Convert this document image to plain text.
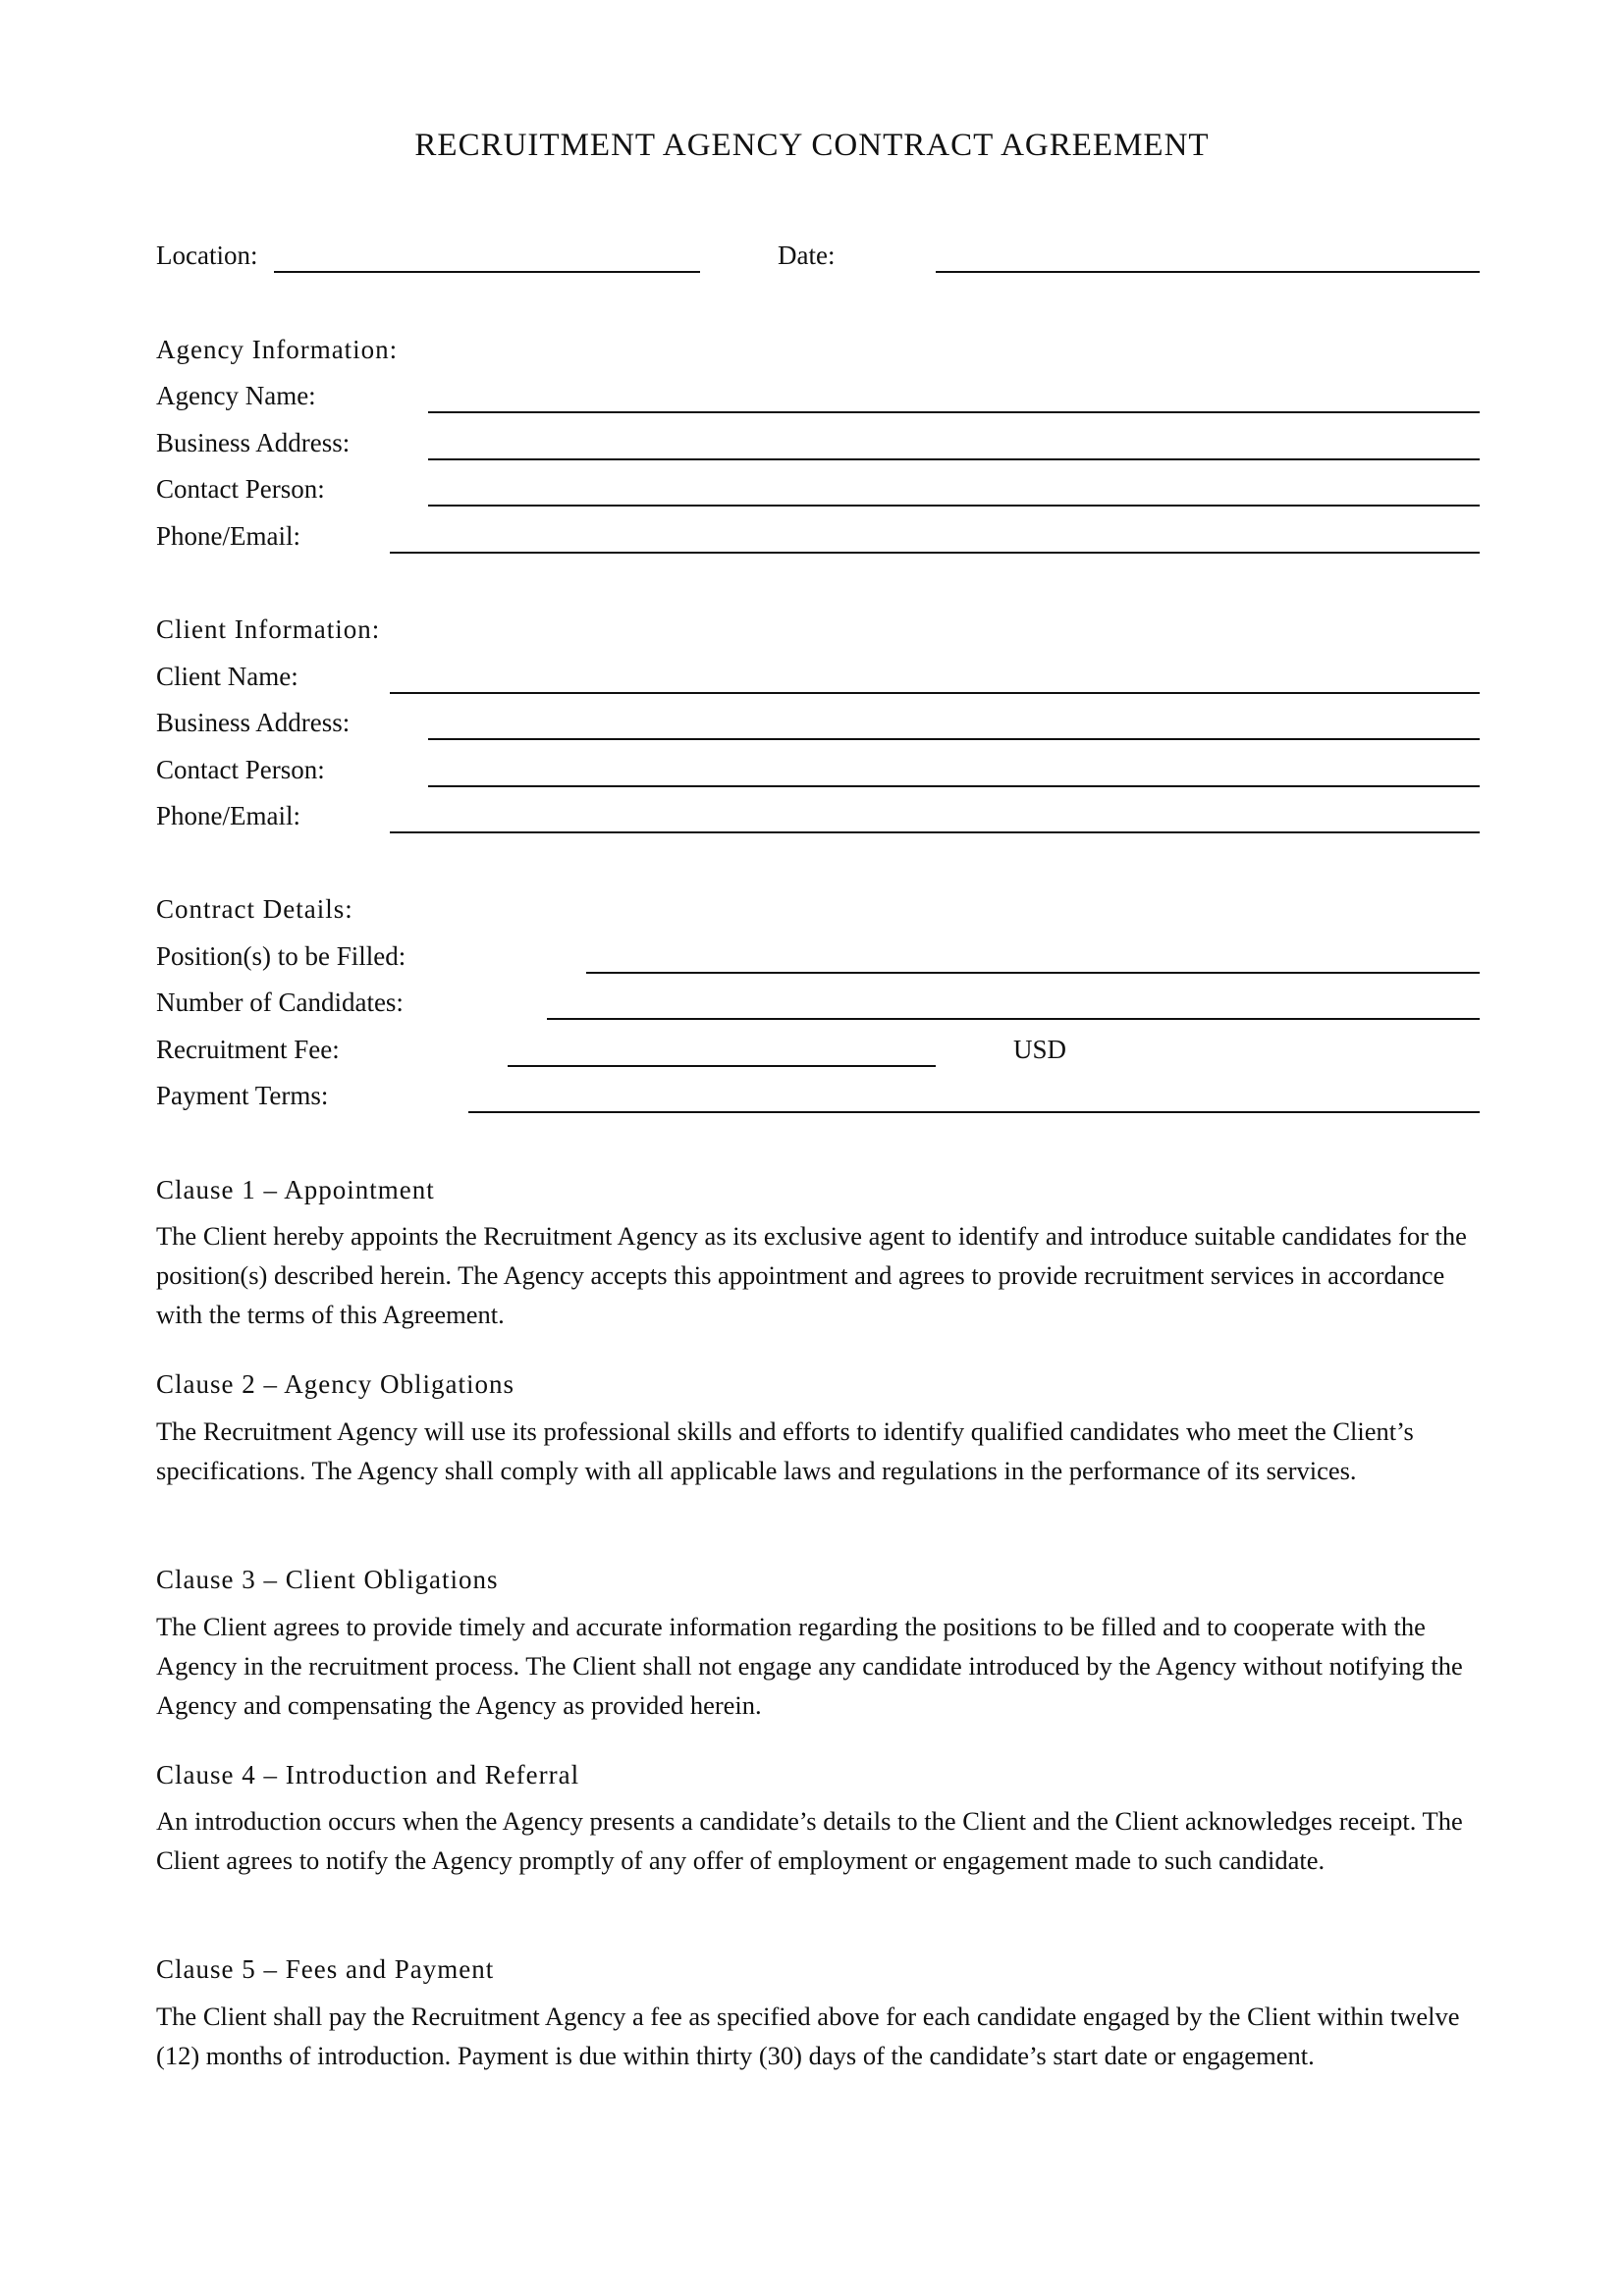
RECRUITMENT AGENCY CONTRACT AGREEMENT
Location:	Date:
Agency Information:
Agency Name:
Business Address:
Contact Person:
Phone/Email:
Client Information:
Client Name:
Business Address:
Contact Person:
Phone/Email:
Contract Details:
Position(s) to be Filled:
Number of Candidates:
Recruitment Fee:	USD
Payment Terms:
Clause 1 – Appointment

The Client hereby appoints the Recruitment Agency as its exclusive agent to identify and introduce suitable candidates for the position(s) described herein. The Agency accepts this appointment and agrees to provide recruitment services in accordance with the terms of this Agreement.

Clause 2 – Agency Obligations

The Recruitment Agency will use its professional skills and efforts to identify qualified candidates who meet the Client’s specifications. The Agency shall comply with all applicable laws and regulations in the performance of its services.

Clause 3 – Client Obligations

The Client agrees to provide timely and accurate information regarding the positions to be filled and to cooperate with the Agency in the recruitment process. The Client shall not engage any candidate introduced by the Agency without notifying the Agency and compensating the Agency as provided herein.

Clause 4 – Introduction and Referral

An introduction occurs when the Agency presents a candidate’s details to the Client and the Client acknowledges receipt. The Client agrees to notify the Agency promptly of any offer of employment or engagement made to such candidate.

Clause 5 – Fees and Payment

The Client shall pay the Recruitment Agency a fee as specified above for each candidate engaged by the Client within twelve (12) months of introduction. Payment is due within thirty (30) days of the candidate’s start date or engagement.
